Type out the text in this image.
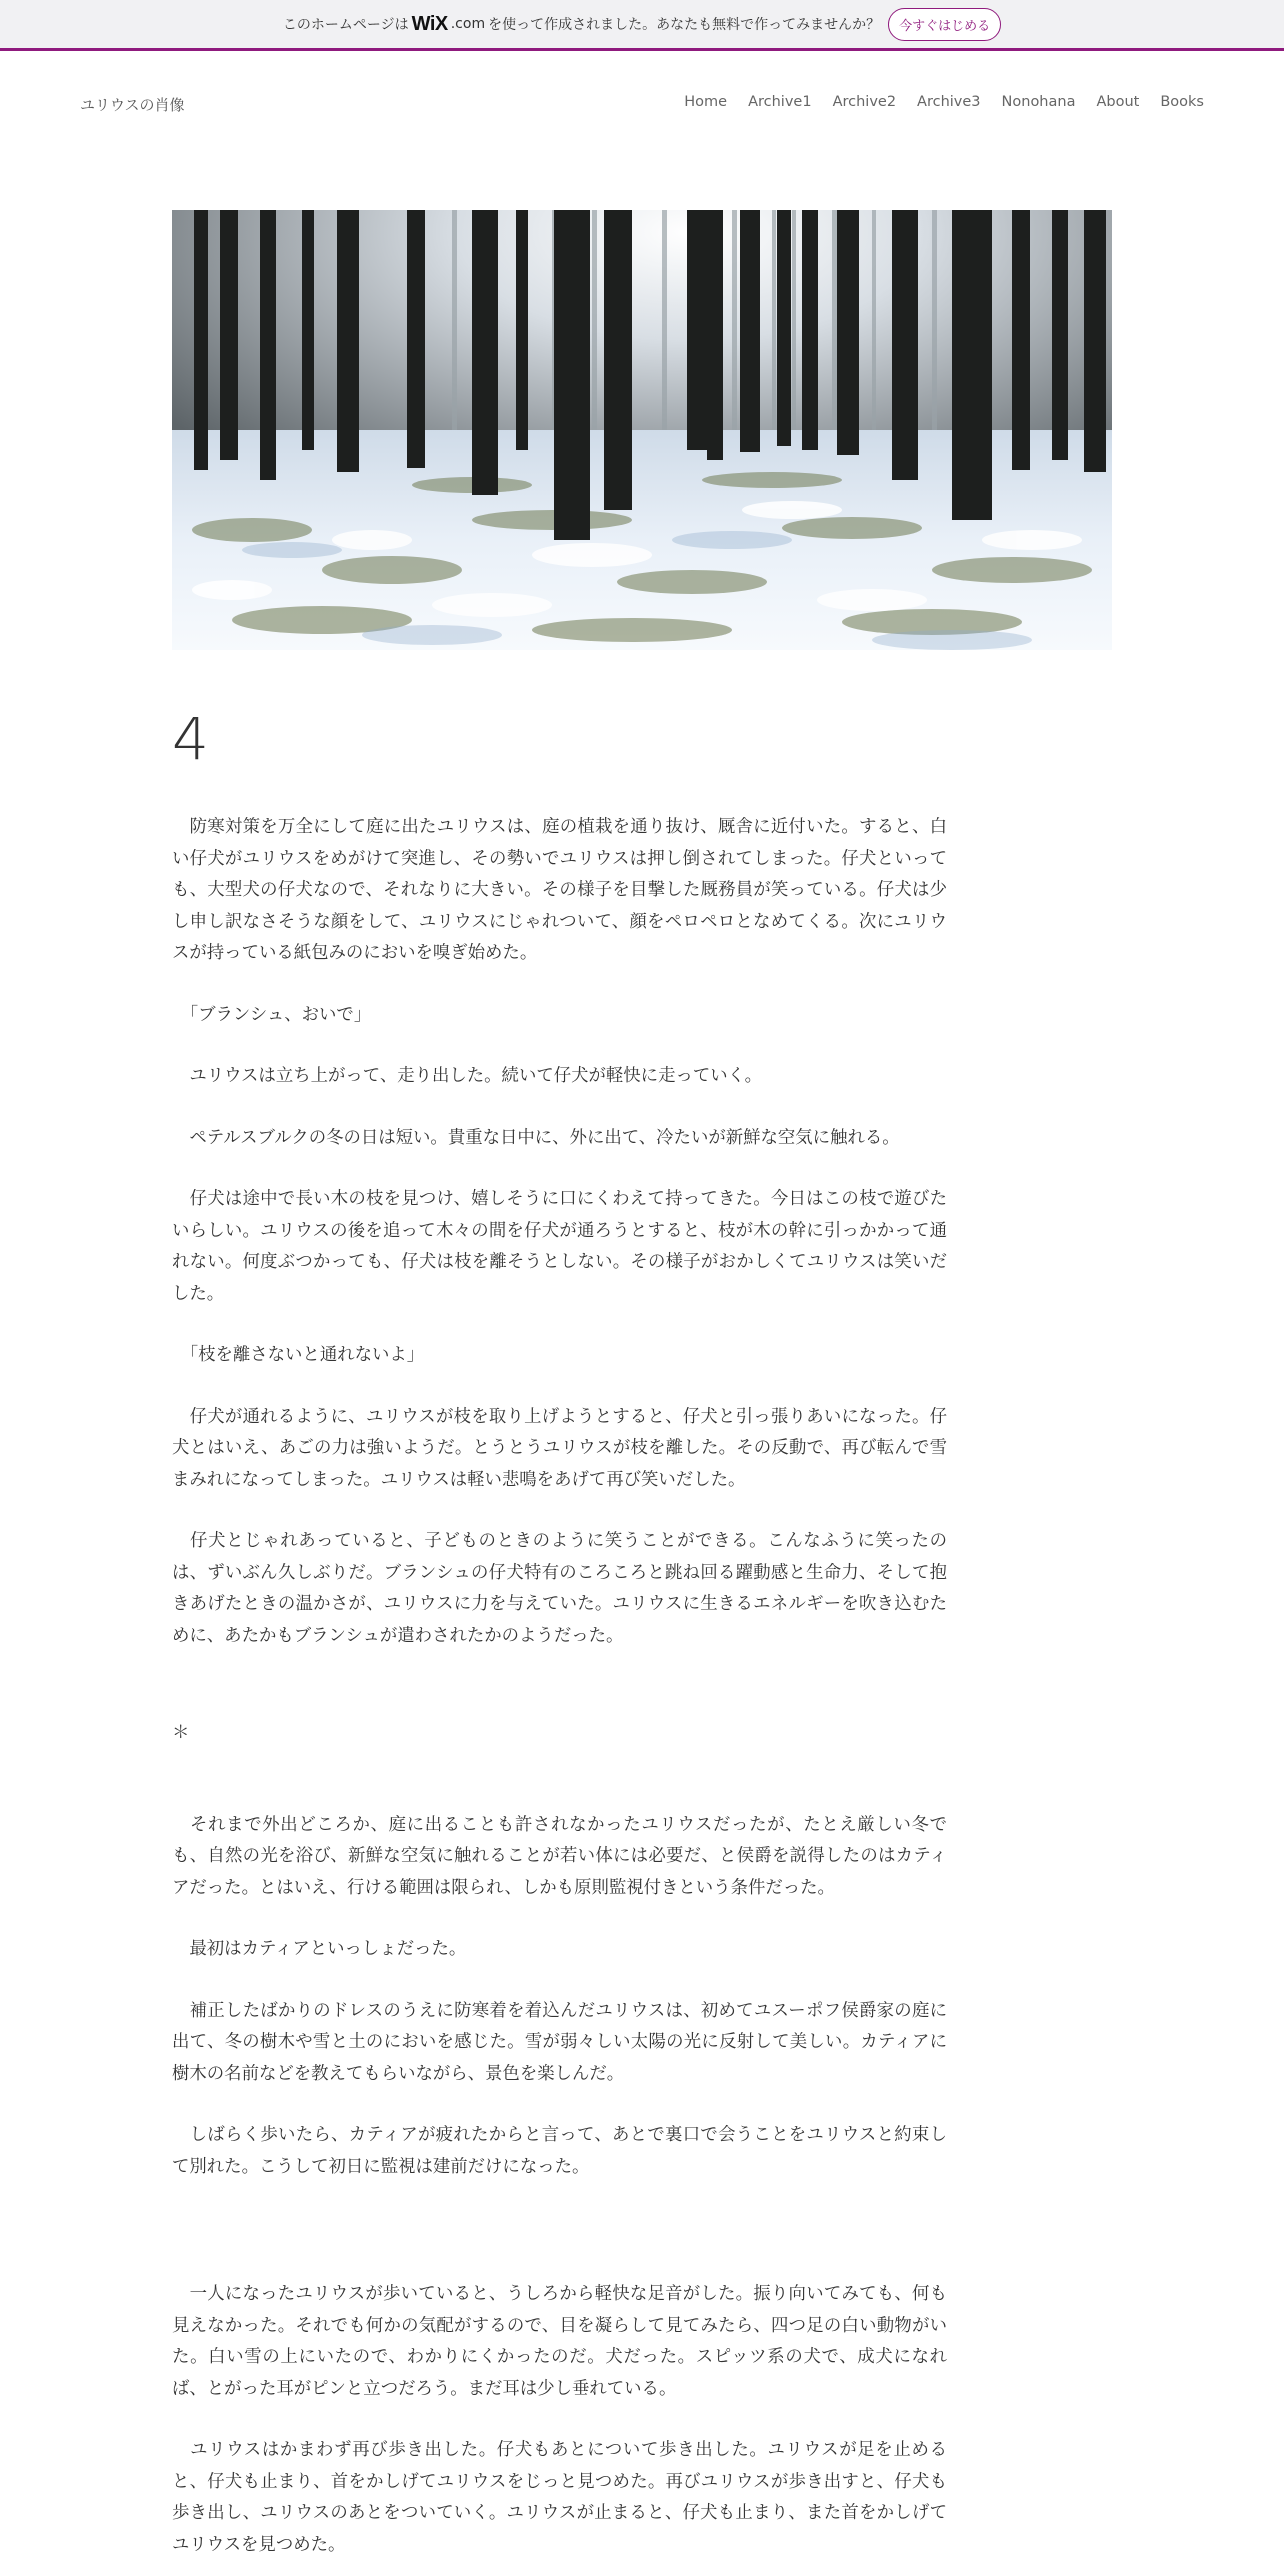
このホームページは WiX .com を使って作成されました。あなたも無料で作ってみませんか？	今すぐはじめる
ユリウスの肖像	Home Archive1 Archive2 Archive3 Nonohana About Books
4

　防寒対策を万全にして庭に出たユリウスは、庭の植栽を通り抜け、厩舎に近付いた。すると、白い仔犬がユリウスをめがけて突進し、その勢いでユリウスは押し倒されてしまった。仔犬といっても、大型犬の仔犬なので、それなりに大きい。その様子を目撃した厩務員が笑っている。仔犬は少し申し訳なさそうな顔をして、ユリウスにじゃれついて、顔をペロペロとなめてくる。次にユリウスが持っている紙包みのにおいを嗅ぎ始めた。

　「ブランシュ、おいで」

　ユリウスは立ち上がって、走り出した。続いて仔犬が軽快に走っていく。

　ペテルスブルクの冬の日は短い。貴重な日中に、外に出て、冷たいが新鮮な空気に触れる。

　仔犬は途中で長い木の枝を見つけ、嬉しそうに口にくわえて持ってきた。今日はこの枝で遊びたいらしい。ユリウスの後を追って木々の間を仔犬が通ろうとすると、枝が木の幹に引っかかって通れない。何度ぶつかっても、仔犬は枝を離そうとしない。その様子がおかしくてユリウスは笑いだした。

　「枝を離さないと通れないよ」

　仔犬が通れるように、ユリウスが枝を取り上げようとすると、仔犬と引っ張りあいになった。仔犬とはいえ、あごの力は強いようだ。とうとうユリウスが枝を離した。その反動で、再び転んで雪まみれになってしまった。ユリウスは軽い悲鳴をあげて再び笑いだした。

　仔犬とじゃれあっていると、子どものときのように笑うことができる。こんなふうに笑ったのは、ずいぶん久しぶりだ。ブランシュの仔犬特有のころころと跳ね回る躍動感と生命力、そして抱きあげたときの温かさが、ユリウスに力を与えていた。ユリウスに生きるエネルギーを吹き込むために、あたかもブランシュが遣わされたかのようだった。

＊

　それまで外出どころか、庭に出ることも許されなかったユリウスだったが、たとえ厳しい冬でも、自然の光を浴び、新鮮な空気に触れることが若い体には必要だ、と侯爵を説得したのはカティアだった。とはいえ、行ける範囲は限られ、しかも原則監視付きという条件だった。

　最初はカティアといっしょだった。

　補正したばかりのドレスのうえに防寒着を着込んだユリウスは、初めてユスーポフ侯爵家の庭に出て、冬の樹木や雪と土のにおいを感じた。雪が弱々しい太陽の光に反射して美しい。カティアに樹木の名前などを教えてもらいながら、景色を楽しんだ。

　しばらく歩いたら、カティアが疲れたからと言って、あとで裏口で会うことをユリウスと約束して別れた。こうして初日に監視は建前だけになった。

　一人になったユリウスが歩いていると、うしろから軽快な足音がした。振り向いてみても、何も見えなかった。それでも何かの気配がするので、目を凝らして見てみたら、四つ足の白い動物がいた。白い雪の上にいたので、わかりにくかったのだ。犬だった。スピッツ系の犬で、成犬になれば、とがった耳がピンと立つだろう。まだ耳は少し垂れている。

　ユリウスはかまわず再び歩き出した。仔犬もあとについて歩き出した。ユリウスが足を止めると、仔犬も止まり、首をかしげてユリウスをじっと見つめた。再びユリウスが歩き出すと、仔犬も歩き出し、ユリウスのあとをついていく。ユリウスが止まると、仔犬も止まり、また首をかしげてユリウスを見つめた。
